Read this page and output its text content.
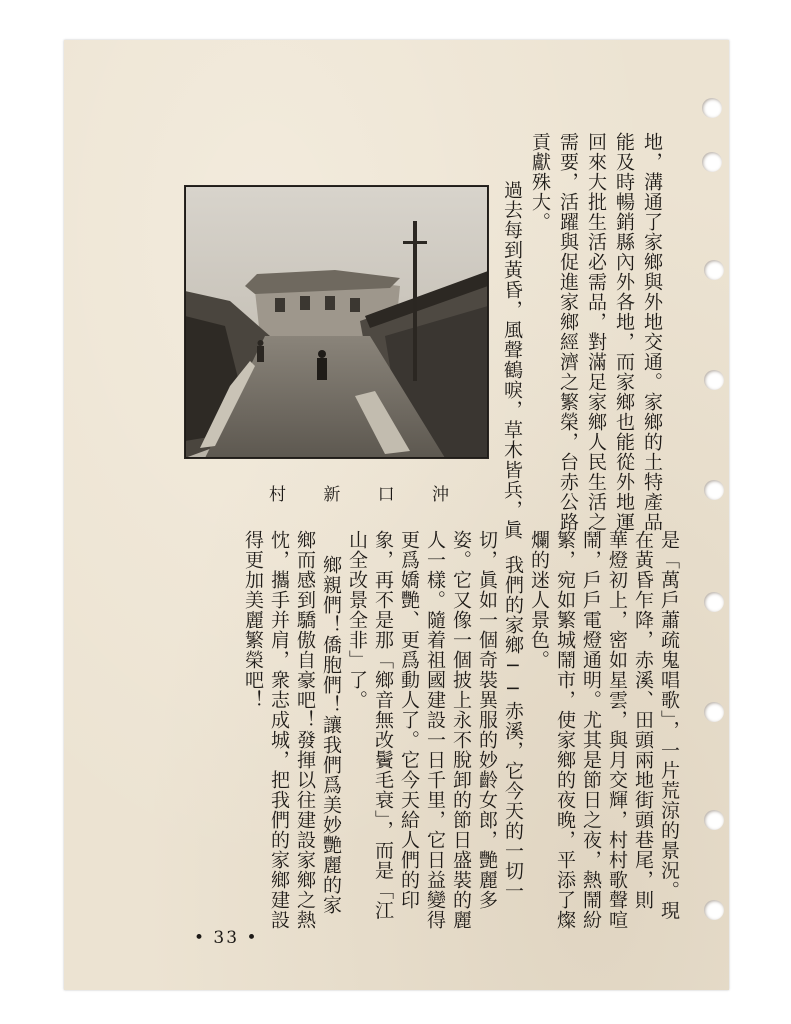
地，溝通了家鄉與外地交通。家鄉的土特產品
能及時暢銷縣內外各地，而家鄉也能從外地運
回來大批生活必需品，對滿足家鄉人民生活之
需要，活躍與促進家鄉經濟之繁榮，台赤公路
貢獻殊大。
過去每到黃昏，風聲鶴唳，草木皆兵，眞
村 新 口 沖
是「萬戶蕭疏鬼唱歌」，一片荒涼的景況。現
在黃昏乍降，赤溪、田頭兩地街頭巷尾，則
華燈初上，密如星雲，與月交輝，村村歌聲喧
鬧，戶戶電燈通明。尤其是節日之夜，熱鬧紛
繁，宛如繁城鬧市，使家鄉的夜晚，平添了燦
爛的迷人景色。
我們的家鄉──赤溪，它今天的一切一
切，眞如一個奇裝異服的妙齡女郎，艷麗多
姿。它又像一個披上永不脫卸的節日盛裝的麗
人一樣。隨着祖國建設一日千里，它日益變得
更爲嬌艷、更爲動人了。它今天給人們的印
象，再不是那「鄉音無改鬢毛衰」，而是「江
山全改景全非」了。
鄉親們！僑胞們！讓我們爲美妙艷麗的家
鄉而感到驕傲自豪吧！發揮以往建設家鄉之熱
忱，攜手并肩，衆志成城，把我們的家鄉建設
得更加美麗繁榮吧！
• 33 •
